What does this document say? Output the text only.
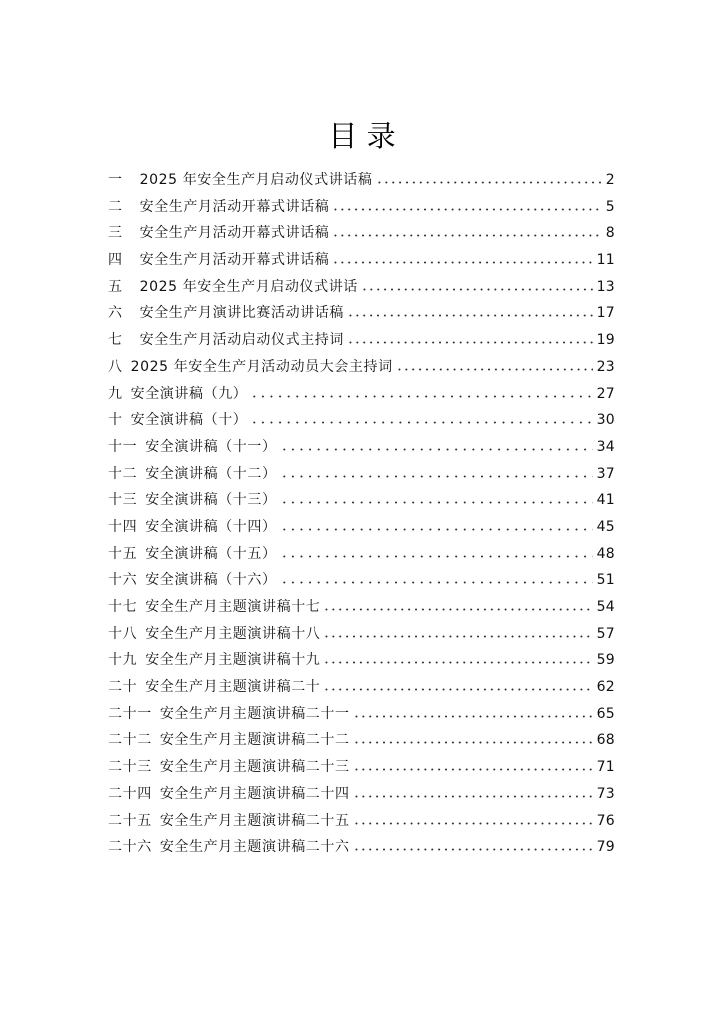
目 录
一 2025 年安全生产月启动仪式讲话稿	2
二 安全生产月活动开幕式讲话稿	5
三 安全生产月活动开幕式讲话稿	8
四 安全生产月活动开幕式讲话稿	11
五 2025 年安全生产月启动仪式讲话	13
六 安全生产月演讲比赛活动讲话稿	17
七 安全生产月活动启动仪式主持词	19
八 2025 年安全生产月活动动员大会主持词	23
九 安全演讲稿（九）	27
十 安全演讲稿（十）	30
十一 安全演讲稿（十一）	34
十二 安全演讲稿（十二）	37
十三 安全演讲稿（十三）	41
十四 安全演讲稿（十四）	45
十五 安全演讲稿（十五）	48
十六 安全演讲稿（十六）	51
十七 安全生产月主题演讲稿十七	54
十八 安全生产月主题演讲稿十八	57
十九 安全生产月主题演讲稿十九	59
二十 安全生产月主题演讲稿二十	62
二十一 安全生产月主题演讲稿二十一	65
二十二 安全生产月主题演讲稿二十二	68
二十三 安全生产月主题演讲稿二十三	71
二十四 安全生产月主题演讲稿二十四	73
二十五 安全生产月主题演讲稿二十五	76
二十六 安全生产月主题演讲稿二十六	79
